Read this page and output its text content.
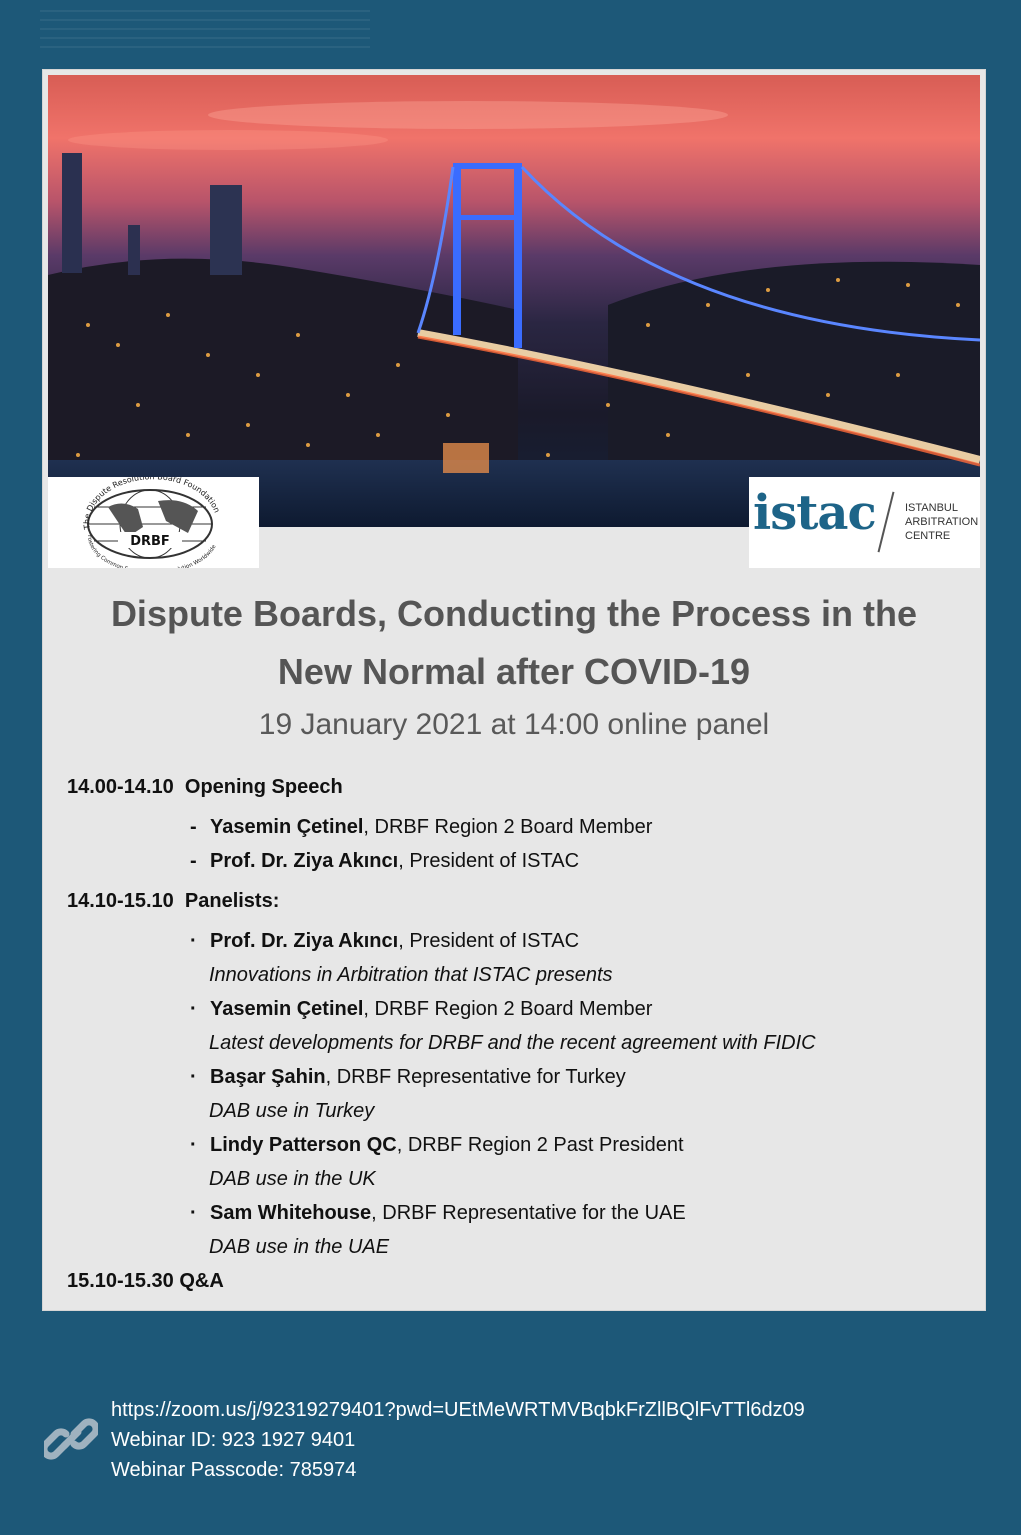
The Dispute Resoluti oard Foundation
DRBF
Fostering Common ion Worldwide
istac	ISTANBUL
ARBITRATION
CENTRE
Dispute Boards, Conducting the Process in the
New Normal after COVID-19
19 January 2021 at 14:00 online panel
14.00-14.10 Opening Speech
- Yasemin Çetinel, DRBF Region 2 Board Member
- Prof. Dr. Ziya Akıncı, President of ISTAC
14.10-15.10 Panelists:
· Prof. Dr. Ziya Akıncı, President of ISTAC
Innovations in Arbitration that ISTAC presents
· Yasemin Çetinel, DRBF Region 2 Board Member
Latest developments for DRBF and the recent agreement with FIDIC
· Başar Şahin, DRBF Representative for Turkey
DAB use in Turkey
· Lindy Patterson QC, DRBF Region 2 Past President
DAB use in the UK
· Sam Whitehouse, DRBF Representative for the UAE
DAB use in the UAE
15.10-15.30 Q&A
https://zoom.us/j/92319279401?pwd=UEtMeWRTMVBqbkFrZllBQlFvTTl6dz09
Webinar ID: 923 1927 9401
Webinar Passcode: 785974
